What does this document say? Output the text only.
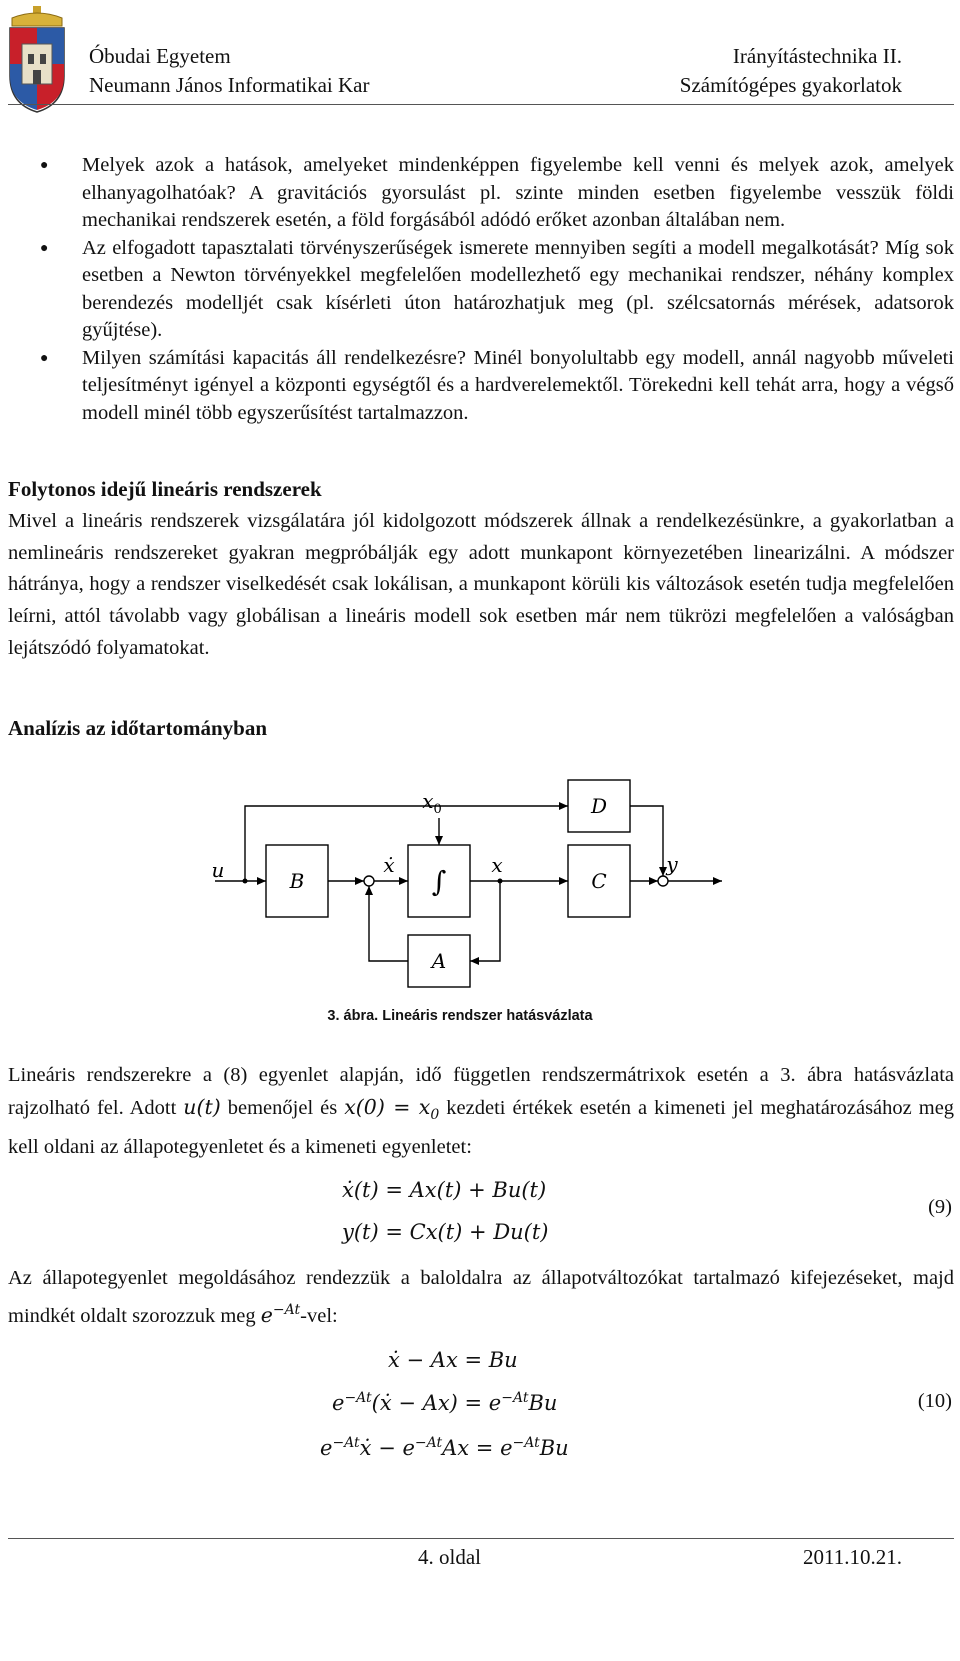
Óbudai Egyetem
Neumann János Informatikai Kar
Irányítástechnika II.
Számítógépes gyakorlatok
● Melyek azok a hatások, amelyeket mindenképpen figyelembe kell venni és melyek azok, amelyek elhanyagolhatóak? A gravitációs gyorsulást pl. szinte minden esetben figyelembe vesszük földi mechanikai rendszerek esetén, a föld forgásából adódó erőket azonban általában nem.
● Az elfogadott tapasztalati törvényszerűségek ismerete mennyiben segíti a modell megalkotását? Míg sok esetben a Newton törvényekkel megfelelően modellezhető egy mechanikai rendszer, néhány komplex berendezés modelljét csak kísérleti úton határozhatjuk meg (pl. szélcsatornás mérések, adatsorok gyűjtése).
● Milyen számítási kapacitás áll rendelkezésre? Minél bonyolultabb egy modell, annál nagyobb műveleti teljesítményt igényel a központi egységtől és a hardverelemektől. Törekedni kell tehát arra, hogy a végső modell minél több egyszerűsítést tartalmazzon.
Folytonos idejű lineáris rendszerek
Mivel a lineáris rendszerek vizsgálatára jól kidolgozott módszerek állnak a rendelkezésünkre, a gyakorlatban a nemlineáris rendszereket gyakran megpróbálják egy adott munkapont környezetében linearizálni. A módszer hátránya, hogy a rendszer viselkedését csak lokálisan, a munkapont körüli kis változások esetén tudja megfelelően leírni, attól távolabb vagy globálisan a lineáris modell sok esetben már nem tükrözi megfelelően a valóságban lejátszódó folyamatokat.
Analízis az időtartományban
B	C
A
D
∫
u	ẋ	x	y
$x_0$
3. ábra. Lineáris rendszer hatásvázlata
Lineáris rendszerekre a (8) egyenlet alapján, idő független rendszermátrixok esetén a 3. ábra hatásvázlata rajzolható fel. Adott u(t) bemenőjel és $x(0) = x_0$ kezdeti értékek esetén a kimeneti jel meghatározásához meg kell oldani az állapotegyenletet és a kimeneti egyenletet:
ẋ(t) = Ax(t) + Bu(t)
y(t) = Cx(t) + Du(t)
(9)
Az állapotegyenlet megoldásához rendezzük a baloldalra az állapotváltozókat tartalmazó kifejezéseket, majd mindkét oldalt szorozzuk meg $e^{-At}$-vel:
ẋ − Ax = Bu
$e^{-At}(ẋ - Ax) = e^{-At}Bu$
$e^{-At}ẋ - e^{-At}Ax = e^{-At}Bu$
(10)
4. oldal	2011.10.21.
